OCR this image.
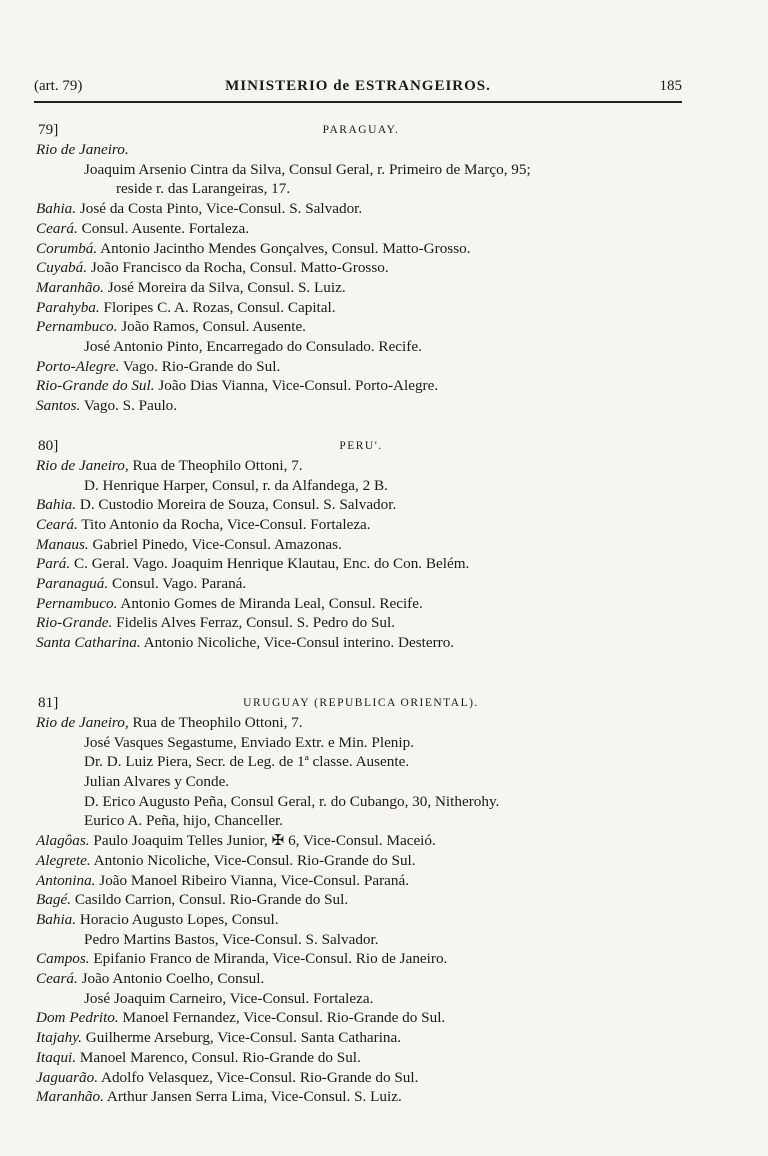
(art. 79)	MINISTERIO de ESTRANGEIROS.	185
79]	PARAGUAY.
Rio de Janeiro.
Joaquim Arsenio Cintra da Silva, Consul Geral, r. Primeiro de Março, 95;
reside r. das Larangeiras, 17.
Bahia. José da Costa Pinto, Vice-Consul. S. Salvador.
Ceará. Consul. Ausente. Fortaleza.
Corumbá. Antonio Jacintho Mendes Gonçalves, Consul. Matto-Grosso.
Cuyabá. João Francisco da Rocha, Consul. Matto-Grosso.
Maranhão. José Moreira da Silva, Consul. S. Luiz.
Parahyba. Floripes C. A. Rozas, Consul. Capital.
Pernambuco. João Ramos, Consul. Ausente.
José Antonio Pinto, Encarregado do Consulado. Recife.
Porto-Alegre. Vago. Rio-Grande do Sul.
Rio-Grande do Sul. João Dias Vianna, Vice-Consul. Porto-Alegre.
Santos. Vago. S. Paulo.
80]	PERU'.
Rio de Janeiro, Rua de Theophilo Ottoni, 7.
D. Henrique Harper, Consul, r. da Alfandega, 2 B.
Bahia. D. Custodio Moreira de Souza, Consul. S. Salvador.
Ceará. Tito Antonio da Rocha, Vice-Consul. Fortaleza.
Manaus. Gabriel Pinedo, Vice-Consul. Amazonas.
Pará. C. Geral. Vago. Joaquim Henrique Klautau, Enc. do Con. Belém.
Paranaguá. Consul. Vago. Paraná.
Pernambuco. Antonio Gomes de Miranda Leal, Consul. Recife.
Rio-Grande. Fidelis Alves Ferraz, Consul. S. Pedro do Sul.
Santa Catharina. Antonio Nicoliche, Vice-Consul interino. Desterro.
81]	URUGUAY (REPUBLICA ORIENTAL).
Rio de Janeiro, Rua de Theophilo Ottoni, 7.
José Vasques Segastume, Enviado Extr. e Min. Plenip.
Dr. D. Luiz Piera, Secr. de Leg. de 1ª classe. Ausente.
Julian Alvares y Conde.
D. Erico Augusto Peña, Consul Geral, r. do Cubango, 30, Nitherohy.
Eurico A. Peña, hijo, Chanceller.
Alagôas. Paulo Joaquim Telles Junior, ✠ 6, Vice-Consul. Maceió.
Alegrete. Antonio Nicoliche, Vice-Consul. Rio-Grande do Sul.
Antonina. João Manoel Ribeiro Vianna, Vice-Consul. Paraná.
Bagé. Casildo Carrion, Consul. Rio-Grande do Sul.
Bahia. Horacio Augusto Lopes, Consul.
Pedro Martins Bastos, Vice-Consul. S. Salvador.
Campos. Epifanio Franco de Miranda, Vice-Consul. Rio de Janeiro.
Ceará. João Antonio Coelho, Consul.
José Joaquim Carneiro, Vice-Consul. Fortaleza.
Dom Pedrito. Manoel Fernandez, Vice-Consul. Rio-Grande do Sul.
Itajahy. Guilherme Arseburg, Vice-Consul. Santa Catharina.
Itaqui. Manoel Marenco, Consul. Rio-Grande do Sul.
Jaguarão. Adolfo Velasquez, Vice-Consul. Rio-Grande do Sul.
Maranhão. Arthur Jansen Serra Lima, Vice-Consul. S. Luiz.
